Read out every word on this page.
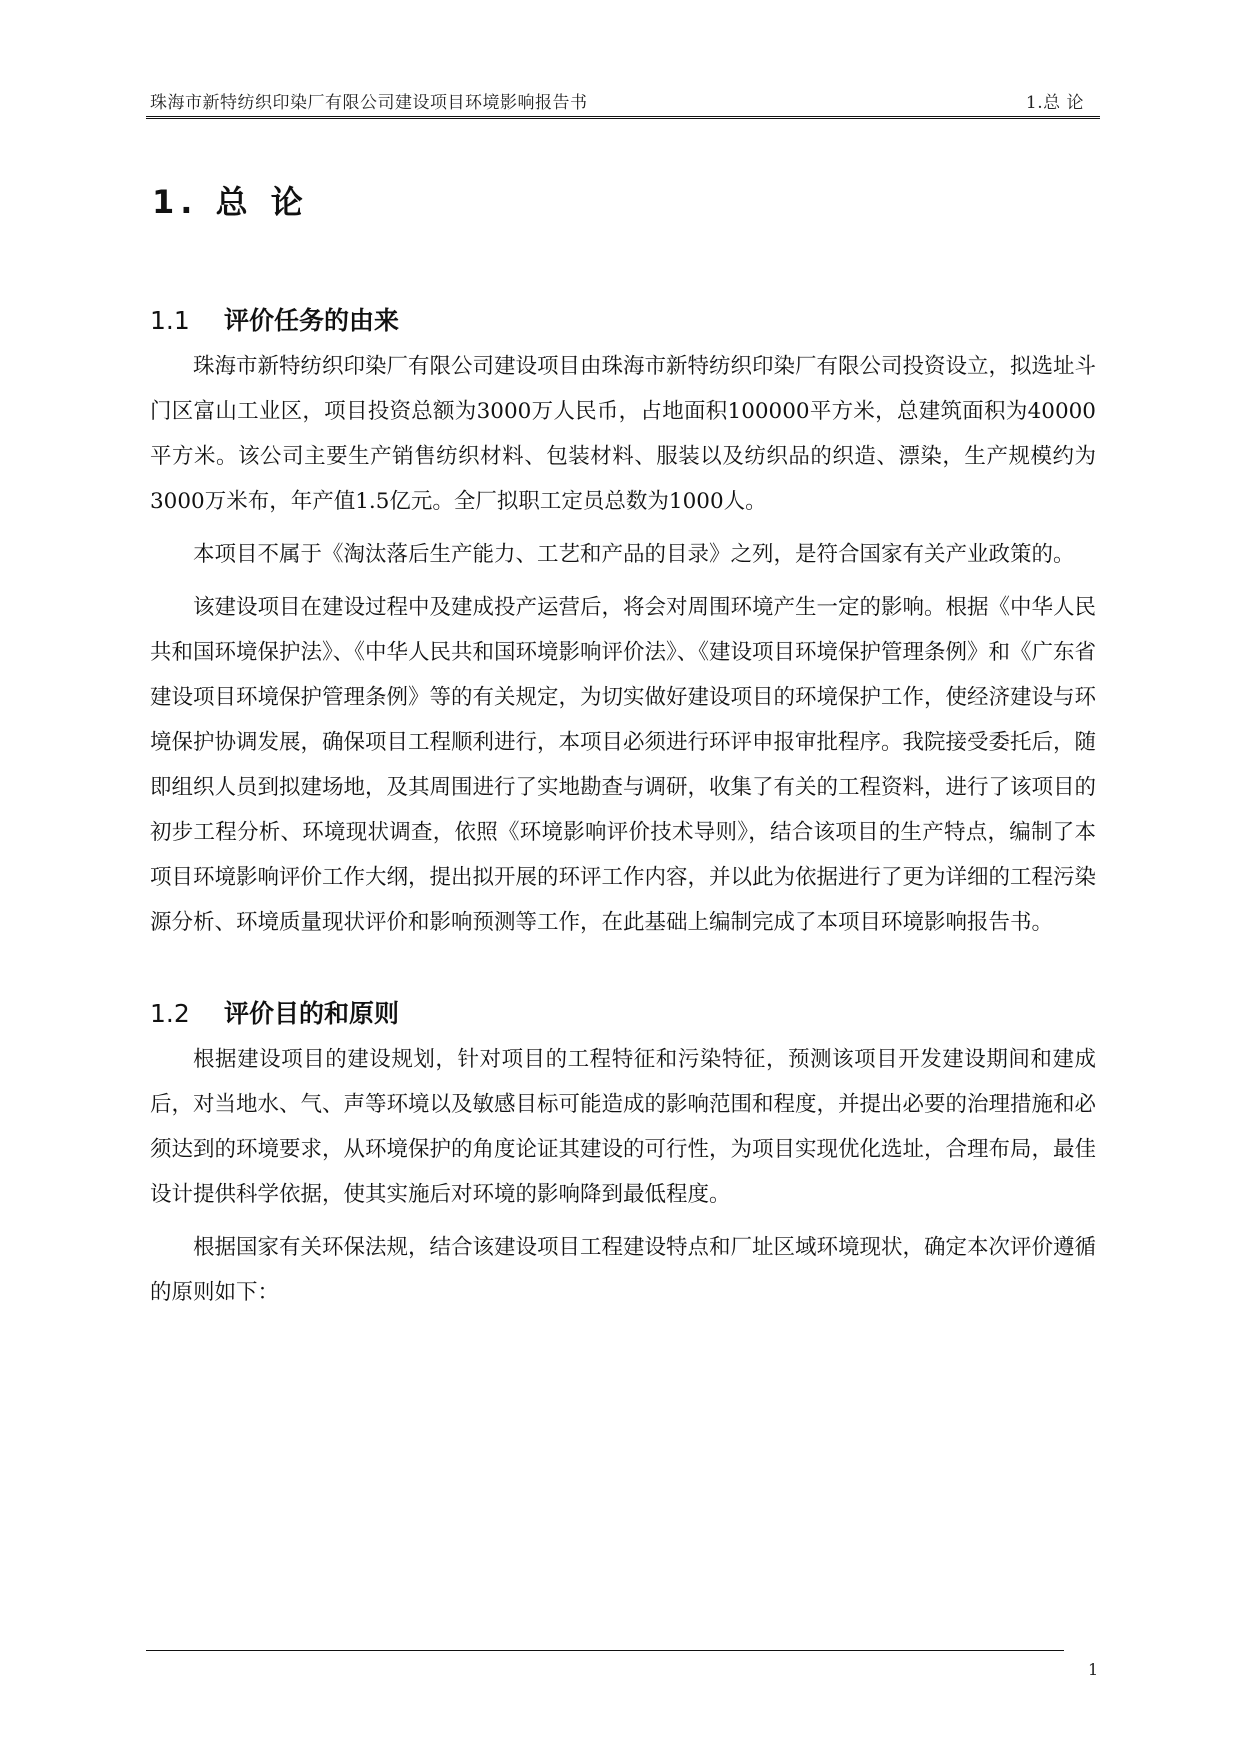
珠海市新特纺织印染厂有限公司建设项目环境影响报告书	1.总 论
1. 总 论
1.1 评价任务的由来

珠海市新特纺织印染厂有限公司建设项目由珠海市新特纺织印染厂有限公司投资设立，拟选址斗门区富山工业区，项目投资总额为3000万人民币，占地面积100000平方米，总建筑面积为40000平方米。该公司主要生产销售纺织材料、包装材料、服装以及纺织品的织造、漂染，生产规模约为3000万米布，年产值1.5亿元。全厂拟职工定员总数为1000人。

本项目不属于《淘汰落后生产能力、工艺和产品的目录》之列，是符合国家有关产业政策的。

该建设项目在建设过程中及建成投产运营后，将会对周围环境产生一定的影响。根据《中华人民共和国环境保护法》、《中华人民共和国环境影响评价法》、《建设项目环境保护管理条例》和《广东省建设项目环境保护管理条例》等的有关规定，为切实做好建设项目的环境保护工作，使经济建设与环境保护协调发展，确保项目工程顺利进行，本项目必须进行环评申报审批程序。我院接受委托后，随即组织人员到拟建场地，及其周围进行了实地勘查与调研，收集了有关的工程资料，进行了该项目的初步工程分析、环境现状调查，依照《环境影响评价技术导则》，结合该项目的生产特点，编制了本项目环境影响评价工作大纲，提出拟开展的环评工作内容，并以此为依据进行了更为详细的工程污染源分析、环境质量现状评价和影响预测等工作，在此基础上编制完成了本项目环境影响报告书。

1.2 评价目的和原则

根据建设项目的建设规划，针对项目的工程特征和污染特征，预测该项目开发建设期间和建成后，对当地水、气、声等环境以及敏感目标可能造成的影响范围和程度，并提出必要的治理措施和必须达到的环境要求，从环境保护的角度论证其建设的可行性，为项目实现优化选址，合理布局，最佳设计提供科学依据，使其实施后对环境的影响降到最低程度。

根据国家有关环保法规，结合该建设项目工程建设特点和厂址区域环境现状，确定本次评价遵循的原则如下：

1
